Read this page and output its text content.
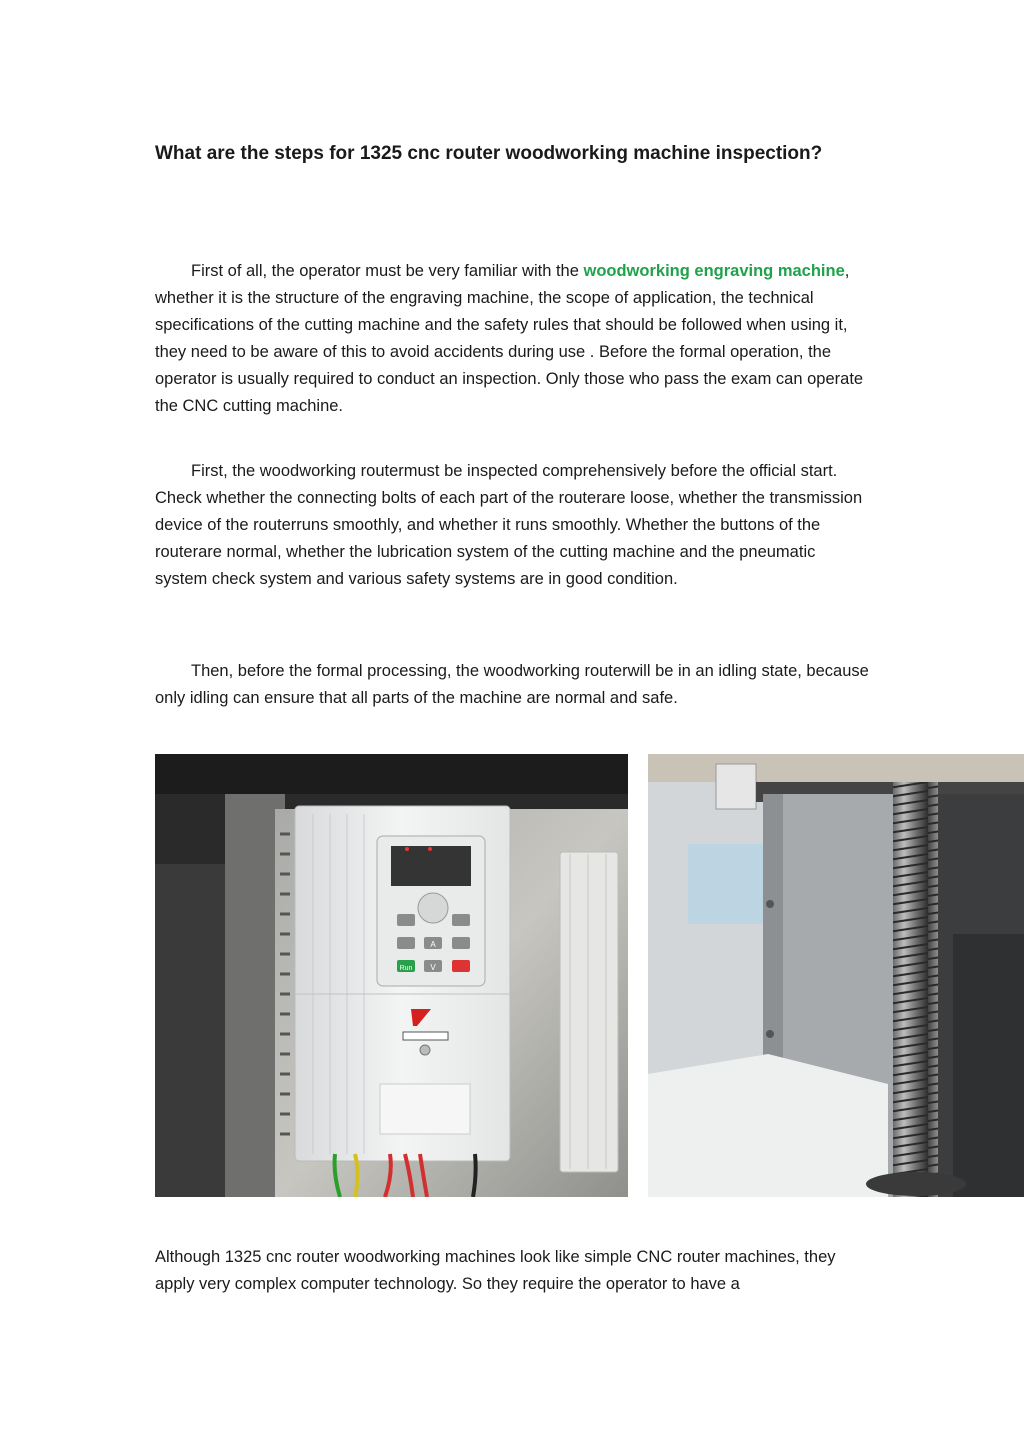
What are the steps for 1325 cnc router woodworking machine inspection?

First of all, the operator must be very familiar with the woodworking engraving machine, whether it is the structure of the engraving machine, the scope of application, the technical specifications of the cutting machine and the safety rules that should be followed when using it, they need to be aware of this to avoid accidents during use . Before the formal operation, the operator is usually required to conduct an inspection. Only those who pass the exam can operate the CNC cutting machine.

First, the woodworking routermust be inspected comprehensively before the official start. Check whether the connecting bolts of each part of the routerare loose, whether the transmission device of the routerruns smoothly, and whether it runs smoothly. Whether the buttons of the routerare normal, whether the lubrication system of the cutting machine and the pneumatic system check system and various safety systems are in good condition.

Then, before the formal processing, the woodworking routerwill be in an idling state, because only idling can ensure that all parts of the machine are normal and safe.

Run V
A

Although 1325 cnc router woodworking machines look like simple CNC router machines, they apply very complex computer technology. So they require the operator to have a
